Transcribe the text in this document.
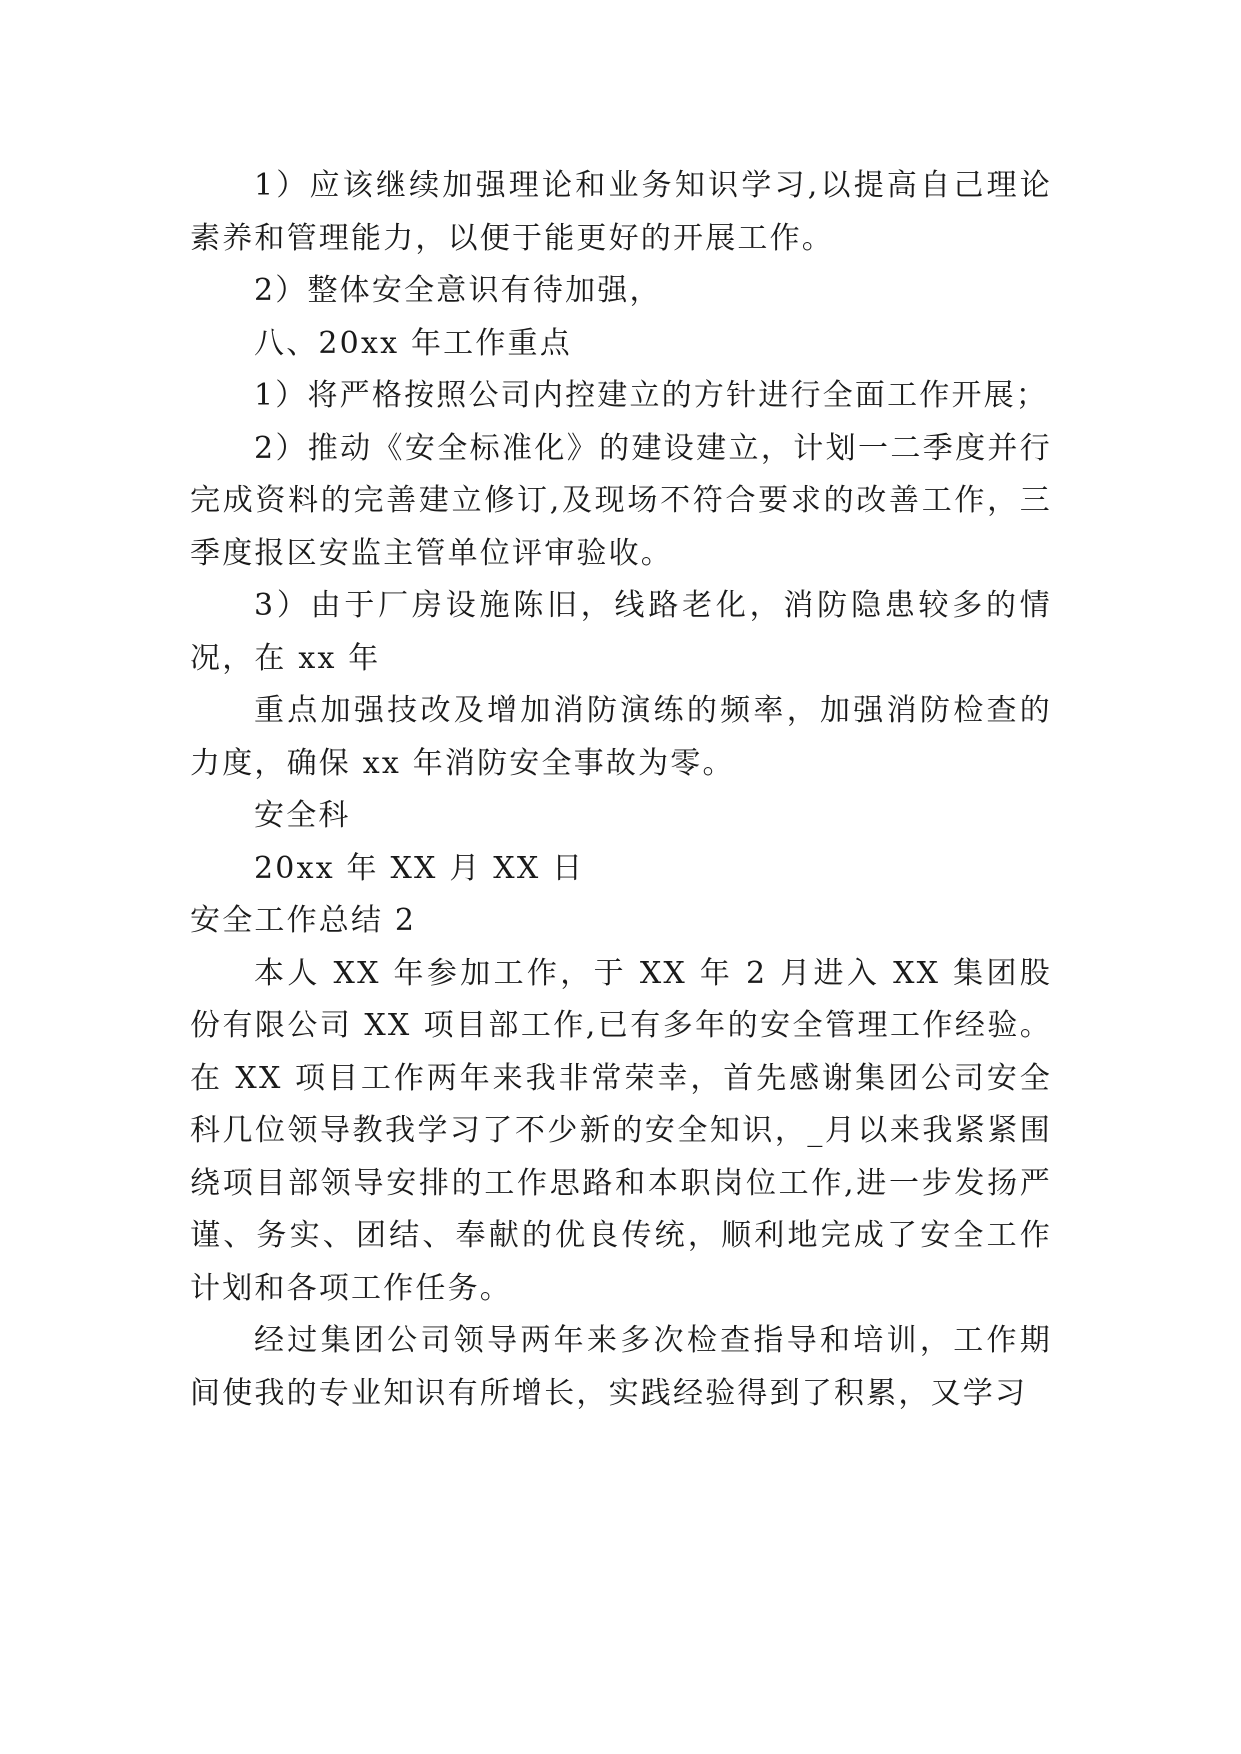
1）应该继续加强理论和业务知识学习,以提高自己理论素养和管理能力，以便于能更好的开展工作。

2）整体安全意识有待加强，

八、20xx 年工作重点

1）将严格按照公司内控建立的方针进行全面工作开展；

2）推动《安全标准化》的建设建立，计划一二季度并行完成资料的完善建立修订,及现场不符合要求的改善工作，三季度报区安监主管单位评审验收。

3）由于厂房设施陈旧，线路老化，消防隐患较多的情况，在 xx 年

重点加强技改及增加消防演练的频率，加强消防检查的力度，确保 xx 年消防安全事故为零。

安全科

20xx 年 XX 月 XX 日

安全工作总结 2

本人 XX 年参加工作，于 XX 年 2 月进入 XX 集团股份有限公司 XX 项目部工作,已有多年的安全管理工作经验。在 XX 项目工作两年来我非常荣幸，首先感谢集团公司安全科几位领导教我学习了不少新的安全知识，_月以来我紧紧围绕项目部领导安排的工作思路和本职岗位工作,进一步发扬严谨、务实、团结、奉献的优良传统，顺利地完成了安全工作计划和各项工作任务。

经过集团公司领导两年来多次检查指导和培训，工作期间使我的专业知识有所增长，实践经验得到了积累，又学习
